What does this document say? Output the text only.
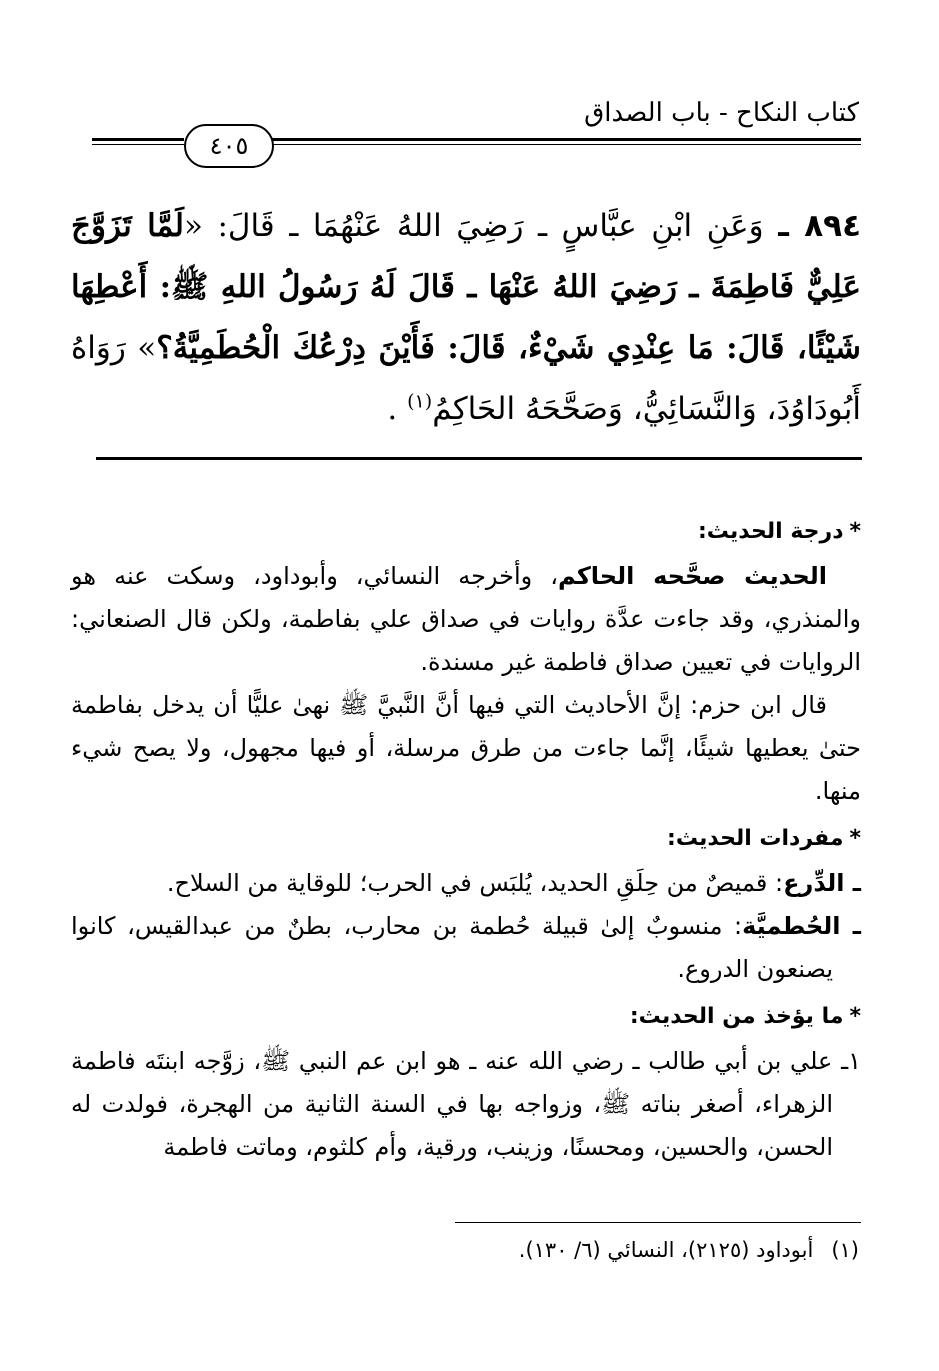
كتاب النكاح - باب الصداق
٤٠٥
٨٩٤ ـ وَعَنِ ابْنِ عبَّاسٍ ـ رَضِيَ اللهُ عَنْهُمَا ـ قَالَ: «لَمَّا تَزَوَّجَ عَلِيٌّ فَاطِمَةَ ـ رَضِيَ اللهُ عَنْهَا ـ قَالَ لَهُ رَسُولُ اللهِ ﷺ: أَعْطِهَا شَيْئًا، قَالَ: مَا عِنْدِي شَيْءٌ، قَالَ: فَأَيْنَ دِرْعُكَ الْحُطَمِيَّةُ؟» رَوَاهُ أَبُودَاوُدَ، وَالنَّسَائِيُّ، وَصَحَّحَهُ الحَاكِمُ$^{(١)}$ .
*درجة الحديث:

الحديث صحَّحه الحاكم، وأخرجه النسائي، وأبوداود، وسكت عنه هو والمنذري، وقد جاءت عدَّة روايات في صداق علي بفاطمة، ولكن قال الصنعاني: الروايات في تعيين صداق فاطمة غير مسندة.

قال ابن حزم: إنَّ الأحاديث التي فيها أنَّ النَّبيَّ ﷺ نهىٰ عليًّا أن يدخل بفاطمة حتىٰ يعطيها شيئًا، إنَّما جاءت من طرق مرسلة، أو فيها مجهول، ولا يصح شيء منها.

*مفردات الحديث:

ـ الدِّرع: قميصٌ من حِلَقِ الحديد، يُلبَس في الحرب؛ للوقاية من السلاح.

ـ الحُطميَّة: منسوبٌ إلىٰ قبيلة حُطمة بن محارب، بطنٌ من عبدالقيس، كانوا يصنعون الدروع.

*ما يؤخذ من الحديث:

١ـ علي بن أبي طالب ـ رضي الله عنه ـ هو ابن عم النبي ﷺ، زوَّجه ابنتَه فاطمة الزهراء، أصغر بناته ﷺ، وزواجه بها في السنة الثانية من الهجرة، فولدت له الحسن، والحسين، ومحسنًا، وزينب، ورقية، وأم كلثوم، وماتت فاطمة

(١)أبوداود (٢١٢٥)، النسائي (٦/ ١٣٠).
